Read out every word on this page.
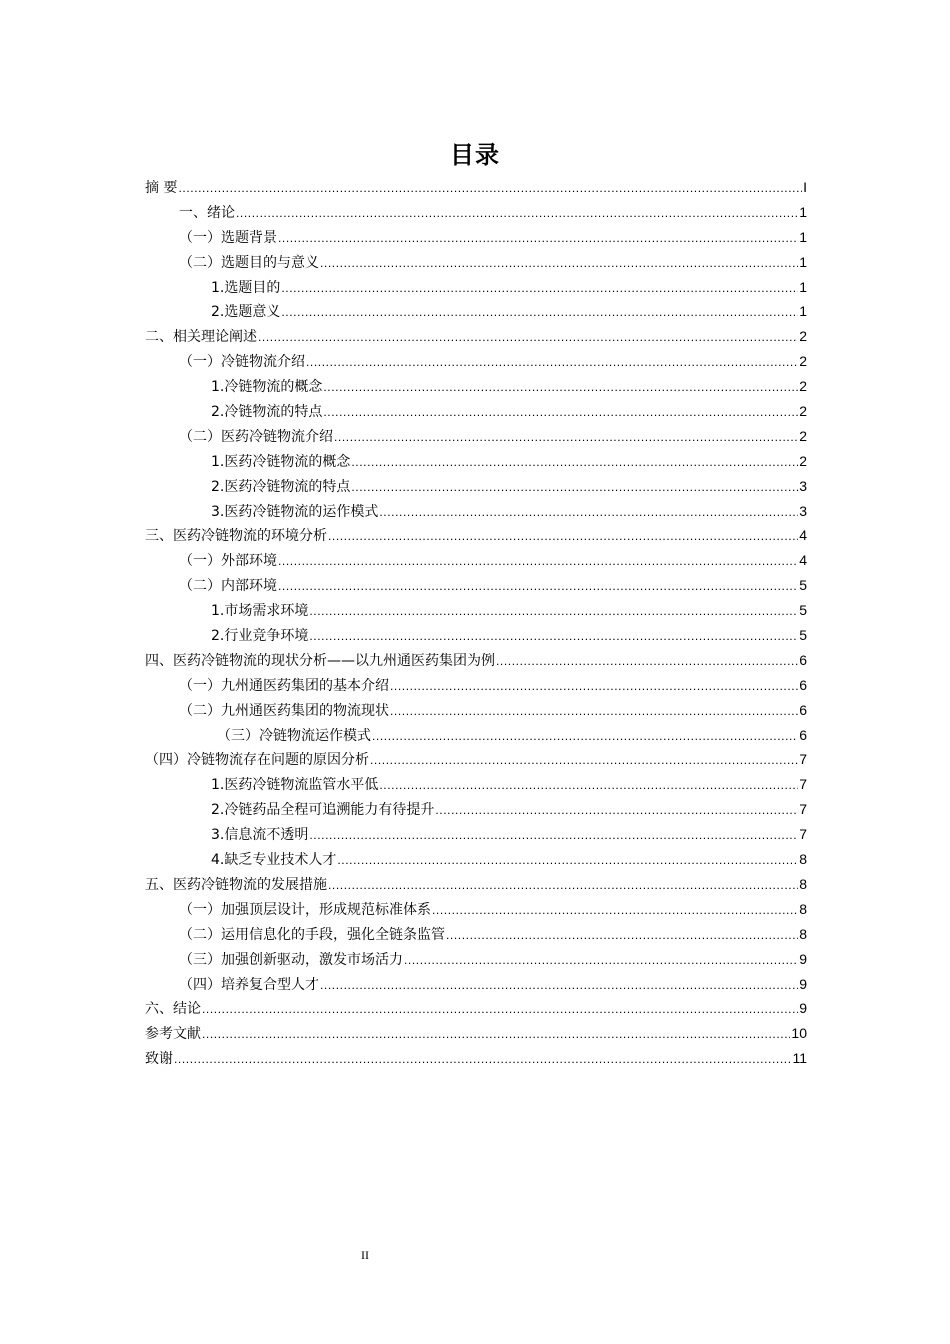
目录
摘 要 .....	I
一、绪论 .....	1
（一）选题背景 .....	1
（二）选题目的与意义 .....	1
1.选题目的 .....	1
2.选题意义 .....	1
二、相关理论阐述 .....	2
（一）冷链物流介绍 .....	2
1.冷链物流的概念 .....	2
2.冷链物流的特点 .....	2
（二）医药冷链物流介绍 .....	2
1.医药冷链物流的概念 .....	2
2.医药冷链物流的特点 .....	3
3.医药冷链物流的运作模式 .....	3
三、医药冷链物流的环境分析 .....	4
（一）外部环境 .....	4
（二）内部环境 .....	5
1.市场需求环境 .....	5
2.行业竞争环境 .....	5
四、医药冷链物流的现状分析——以九州通医药集团为例 .....	6
（一）九州通医药集团的基本介绍 .....	6
（二）九州通医药集团的物流现状 .....	6
（三）冷链物流运作模式 .....	6
（四）冷链物流存在问题的原因分析 .....	7
1.医药冷链物流监管水平低 .....	7
2.冷链药品全程可追溯能力有待提升 .....	7
3.信息流不透明 .....	7
4.缺乏专业技术人才 .....	8
五、医药冷链物流的发展措施 .....	8
（一）加强顶层设计，形成规范标准体系 .....	8
（二）运用信息化的手段，强化全链条监管 .....	8
（三）加强创新驱动，激发市场活力 .....	9
（四）培养复合型人才 .....	9
六、结论 .....	9
参考文献 .....	10
致谢 .....	11
II
